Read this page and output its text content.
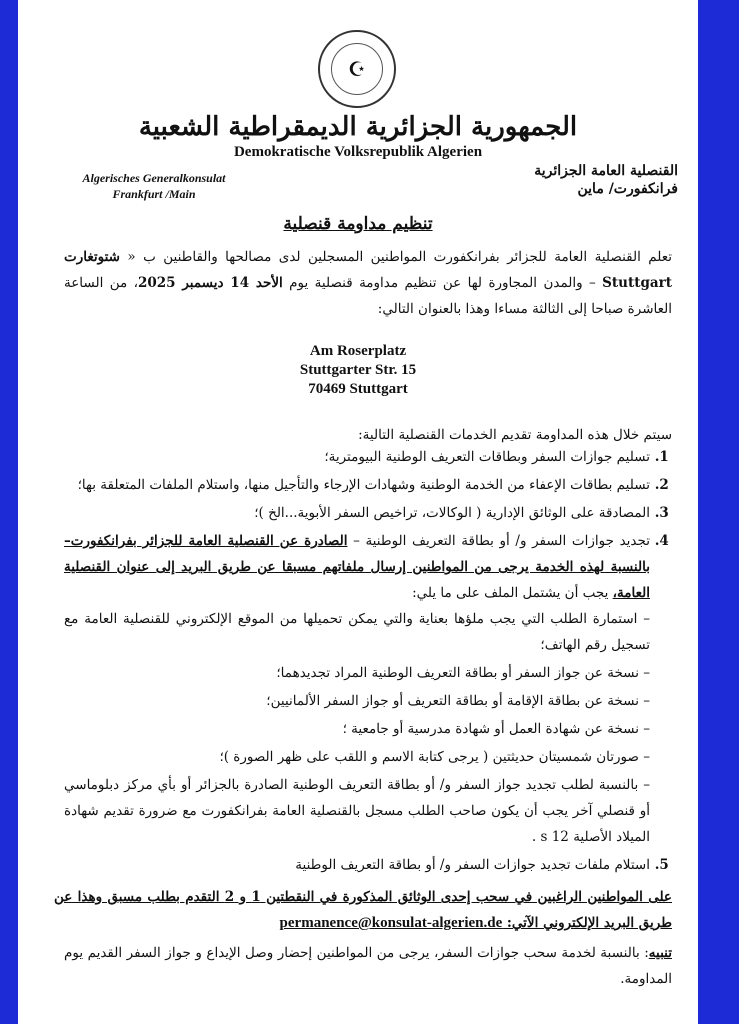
☪
الجمهورية الجزائرية الديمقراطية الشعبية
Demokratische Volksrepublik Algerien
Algerisches Generalkonsulat
Frankfurt /Main
القنصلية العامة الجزائرية
فرانكفورت/ ماين
تنظيم مداومة قنصلية
تعلم القنصلية العامة للجزائر بفرانكفورت المواطنين المسجلين لدى مصالحها والقاطنين ب « شتوتغارت Stuttgart – والمدن المجاورة لها عن تنظيم مداومة قنصلية يوم الأحد 14 ديسمبر 2025، من الساعة العاشرة صباحا إلى الثالثة مساءا وهذا بالعنوان التالي:
Am Roserplatz
Stuttgarter Str. 15
70469 Stuttgart
سيتم خلال هذه المداومة تقديم الخدمات القنصلية التالية:
1. تسليم جوازات السفر وبطاقات التعريف الوطنية البيومترية؛
2. تسليم بطاقات الإعفاء من الخدمة الوطنية وشهادات الإرجاء والتأجيل منها، واستلام الملفات المتعلقة بها؛
3. المصادقة على الوثائق الإدارية ( الوكالات، تراخيص السفر الأبوية...الخ )؛
4. تجديد جوازات السفر و/ أو بطاقة التعريف الوطنية – الصادرة عن القنصلية العامة للجزائر بفرانكفورت– بالنسبة لهذه الخدمة يرجى من المواطنين إرسال ملفاتهم مسبقا عن طريق البريد إلى عنوان القنصلية العامة، يجب أن يشتمل الملف على ما يلي:
– استمارة الطلب التي يجب ملؤها بعناية والتي يمكن تحميلها من الموقع الإلكتروني للقنصلية العامة مع تسجيل رقم الهاتف؛
– نسخة عن جواز السفر أو بطاقة التعريف الوطنية المراد تجديدهما؛
– نسخة عن بطاقة الإقامة أو بطاقة التعريف أو جواز السفر الألمانيين؛
– نسخة عن شهادة العمل أو شهادة مدرسية أو جامعية ؛
– صورتان شمسيتان حديثتين ( يرجى كتابة الاسم و اللقب على ظهر الصورة )؛
– بالنسبة لطلب تجديد جواز السفر و/ أو بطاقة التعريف الوطنية الصادرة بالجزائر أو بأي مركز دبلوماسي أو قنصلي آخر يجب أن يكون صاحب الطلب مسجل بالقنصلية العامة بفرانكفورت مع ضرورة تقديم شهادة الميلاد الأصلية 12 s .
5. استلام ملفات تجديد جوازات السفر و/ أو بطاقة التعريف الوطنية
على المواطنين الراغبين في سحب إحدى الوثائق المذكورة في النقطتين 1 و 2 التقدم بطلب مسبق وهذا عن طريق البريد الإلكتروني الآتي: permanence@konsulat-algerien.de
تنبيه: بالنسبة لخدمة سحب جوازات السفر، يرجى من المواطنين إحضار وصل الإيداع و جواز السفر القديم يوم المداومة.
